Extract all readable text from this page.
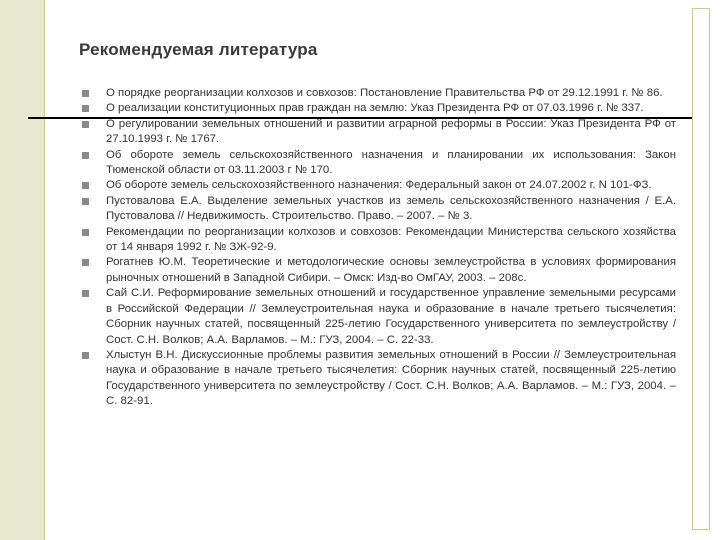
Рекомендуемая литература
О порядке реорганизации колхозов и совхозов: Постановление Правительства РФ от 29.12.1991 г. № 86.
О реализации конституционных прав граждан на землю: Указ Президента РФ от 07.03.1996 г. № 337.
О регулировании земельных отношений и развитии аграрной реформы в России: Указ Президента РФ от 27.10.1993 г. № 1767.
Об обороте земель сельскохозяйственного назначения и планировании их использования: Закон Тюменской области от 03.11.2003 г № 170.
Об обороте земель сельскохозяйственного назначения: Федеральный закон от 24.07.2002 г. N 101-ФЗ.
Пустовалова Е.А. Выделение земельных участков из земель сельскохозяйственного назначения / Е.А. Пустовалова // Недвижимость. Строительство. Право. – 2007. – № 3.
Рекомендации по реорганизации колхозов и совхозов: Рекомендации Министерства сельского хозяйства от 14 января 1992 г. № ЗЖ-92-9.
Рогатнев Ю.М. Теоретические и методологические основы землеустройства в условиях формирования рыночных отношений в Западной Сибири. – Омск: Изд-во ОмГАУ, 2003. – 208с.
Сай С.И. Реформирование земельных отношений и государственное управление земельными ресурсами в Российской Федерации // Землеустроительная наука и образование в начале третьего тысячелетия: Сборник научных статей, посвященный 225-летию Государственного университета по землеустройству / Сост. С.Н. Волков; А.А. Варламов. – М.: ГУЗ, 2004. – С. 22-33.
Хлыстун В.Н. Дискуссионные проблемы развития земельных отношений в России // Землеустроительная наука и образование в начале третьего тысячелетия: Сборник научных статей, посвященный 225-летию Государственного университета по землеустройству / Сост. С.Н. Волков; А.А. Варламов. – М.: ГУЗ, 2004. – С. 82-91.
